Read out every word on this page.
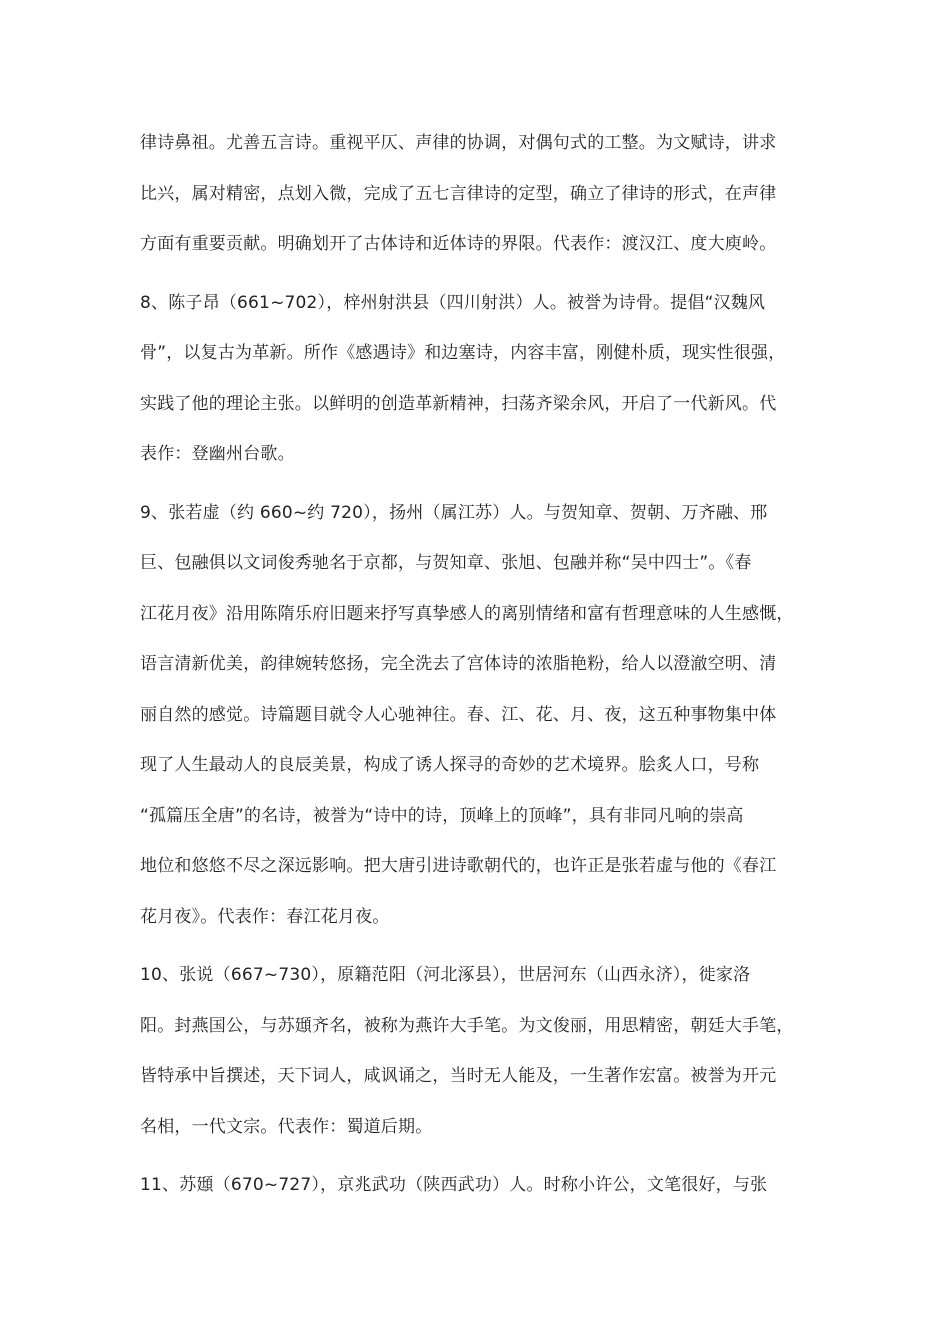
律诗鼻祖。尤善五言诗。重视平仄、声律的协调，对偶句式的工整。为文赋诗，讲求
比兴，属对精密，点划入微，完成了五七言律诗的定型，确立了律诗的形式，在声律
方面有重要贡献。明确划开了古体诗和近体诗的界限。代表作：渡汉江、度大庾岭。
8、陈子昂（661~702），梓州射洪县（四川射洪）人。被誉为诗骨。提倡“汉魏风
骨”，以复古为革新。所作《感遇诗》和边塞诗，内容丰富，刚健朴质，现实性很强，
实践了他的理论主张。以鲜明的创造革新精神，扫荡齐梁余风，开启了一代新风。代
表作：登幽州台歌。
9、张若虚（约 660~约 720），扬州（属江苏）人。与贺知章、贺朝、万齐融、邢
巨、包融俱以文词俊秀驰名于京都，与贺知章、张旭、包融并称“吴中四士”。《春
江花月夜》沿用陈隋乐府旧题来抒写真挚感人的离别情绪和富有哲理意味的人生感慨，
语言清新优美，韵律婉转悠扬，完全洗去了宫体诗的浓脂艳粉，给人以澄澈空明、清
丽自然的感觉。诗篇题目就令人心驰神往。春、江、花、月、夜，这五种事物集中体
现了人生最动人的良辰美景，构成了诱人探寻的奇妙的艺术境界。脍炙人口，号称
“孤篇压全唐”的名诗，被誉为“诗中的诗，顶峰上的顶峰”，具有非同凡响的崇高
地位和悠悠不尽之深远影响。把大唐引进诗歌朝代的，也许正是张若虚与他的《春江
花月夜》。代表作：春江花月夜。
10、张说（667~730），原籍范阳（河北涿县），世居河东（山西永济），徙家洛
阳。封燕国公，与苏頲齐名，被称为燕许大手笔。为文俊丽，用思精密，朝廷大手笔，
皆特承中旨撰述，天下词人，咸讽诵之，当时无人能及，一生著作宏富。被誉为开元
名相，一代文宗。代表作：蜀道后期。
11、苏頲（670~727），京兆武功（陕西武功）人。时称小许公，文笔很好，与张
